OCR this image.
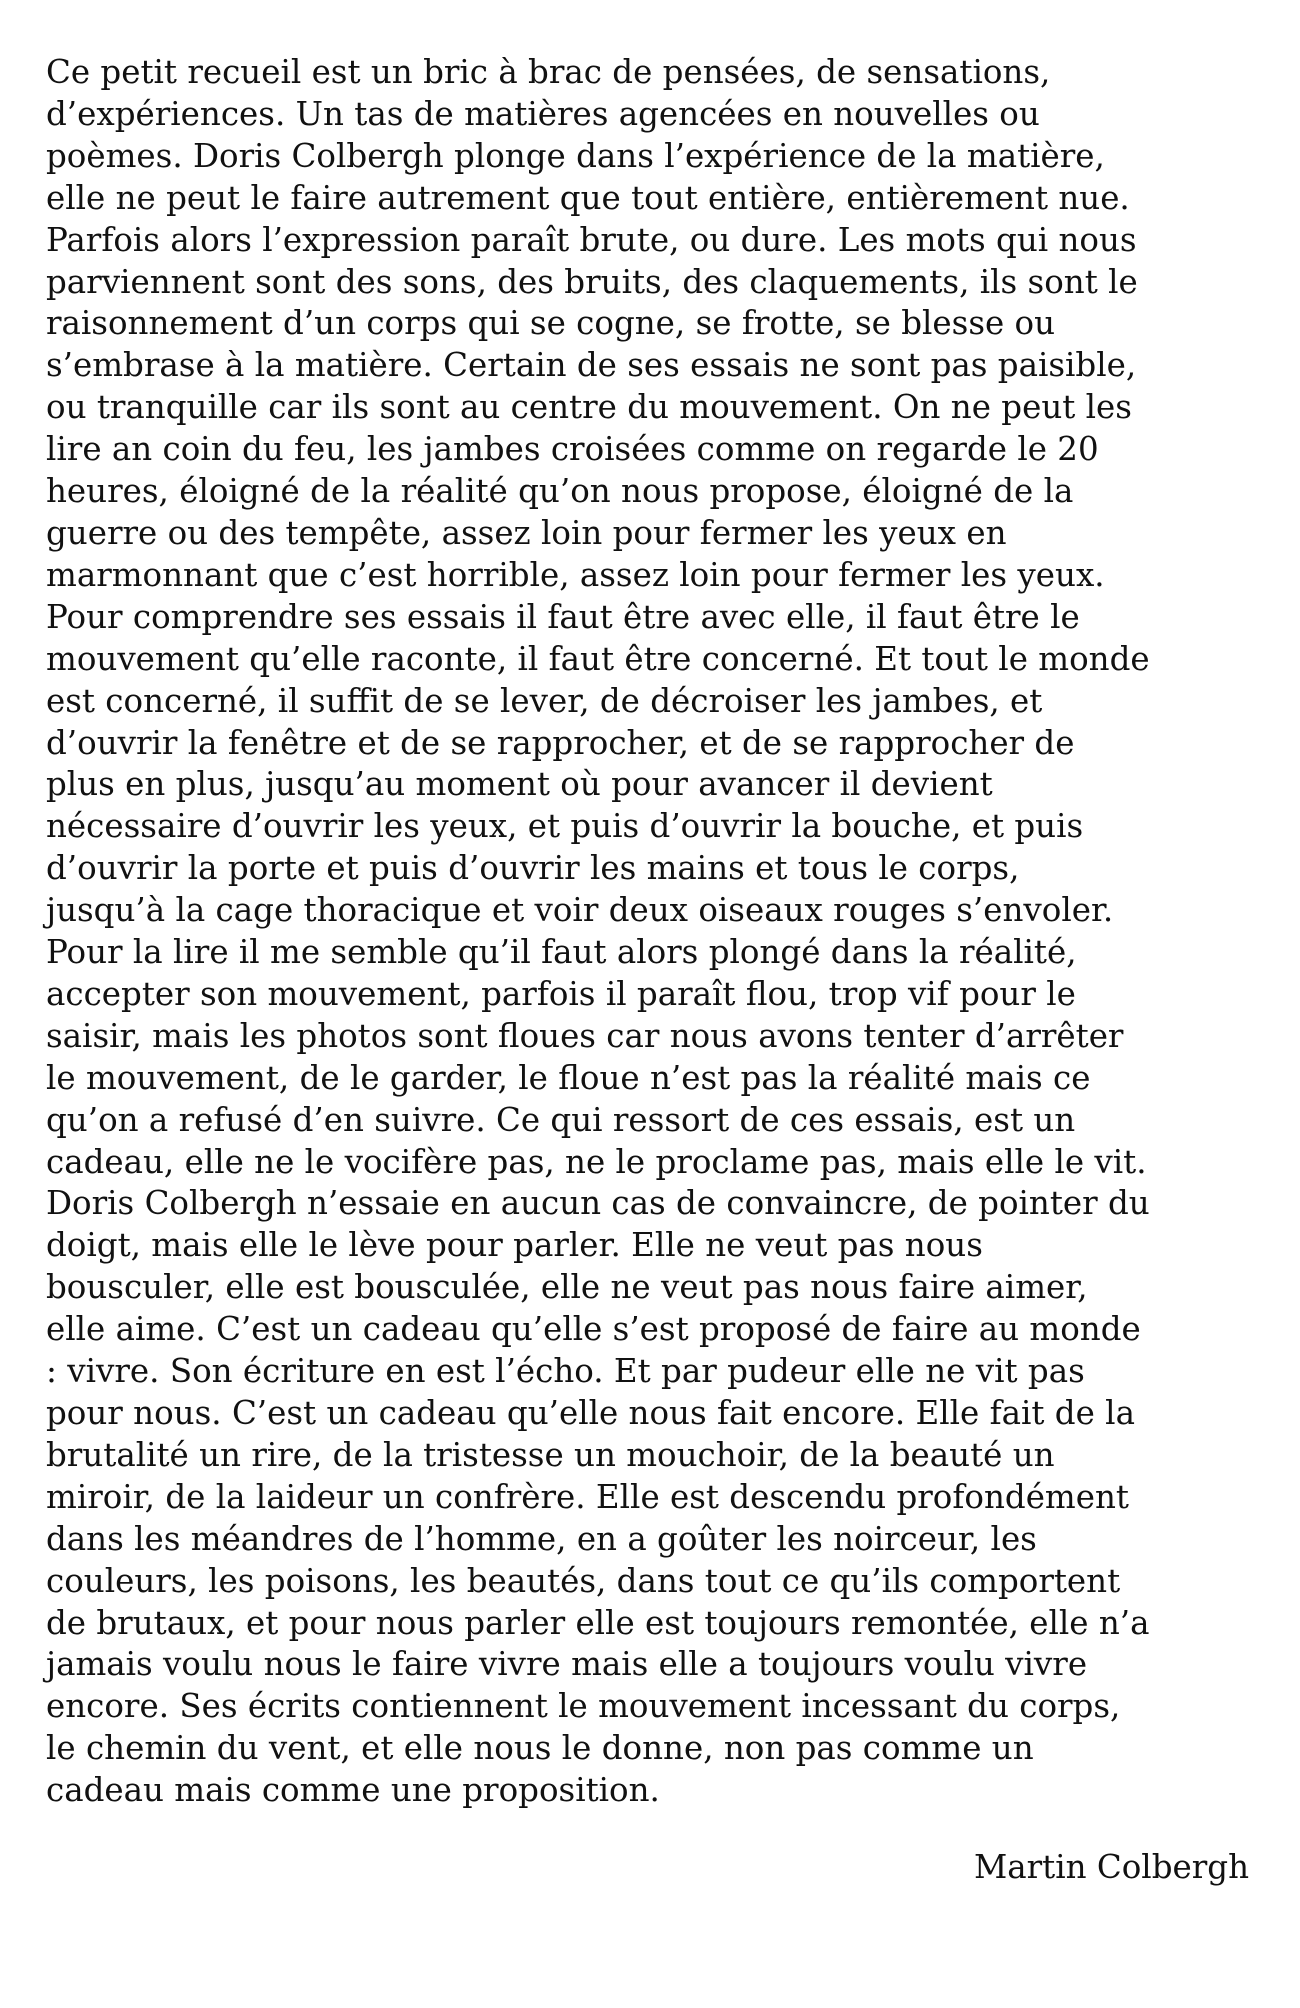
Ce petit recueil est un bric à brac de pensées, de sensations,
d’expériences. Un tas de matières agencées en nouvelles ou
poèmes. Doris Colbergh plonge dans l’expérience de la matière,
elle ne peut le faire autrement que tout entière, entièrement nue.
Parfois alors l’expression paraît brute, ou dure. Les mots qui nous
parviennent sont des sons, des bruits, des claquements, ils sont le
raisonnement d’un corps qui se cogne, se frotte, se blesse ou
s’embrase à la matière. Certain de ses essais ne sont pas paisible,
ou tranquille car ils sont au centre du mouvement. On ne peut les
lire an coin du feu, les jambes croisées comme on regarde le 20
heures, éloigné de la réalité qu’on nous propose, éloigné de la
guerre ou des tempête, assez loin pour fermer les yeux en
marmonnant que c’est horrible, assez loin pour fermer les yeux.
Pour comprendre ses essais il faut être avec elle, il faut être le
mouvement qu’elle raconte, il faut être concerné. Et tout le monde
est concerné, il suffit de se lever, de décroiser les jambes, et
d’ouvrir la fenêtre et de se rapprocher, et de se rapprocher de
plus en plus, jusqu’au moment où pour avancer il devient
nécessaire d’ouvrir les yeux, et puis d’ouvrir la bouche, et puis
d’ouvrir la porte et puis d’ouvrir les mains et tous le corps,
jusqu’à la cage thoracique et voir deux oiseaux rouges s’envoler.
Pour la lire il me semble qu’il faut alors plongé dans la réalité,
accepter son mouvement, parfois il paraît flou, trop vif pour le
saisir, mais les photos sont floues car nous avons tenter d’arrêter
le mouvement, de le garder, le floue n’est pas la réalité mais ce
qu’on a refusé d’en suivre. Ce qui ressort de ces essais, est un
cadeau, elle ne le vocifère pas, ne le proclame pas, mais elle le vit.
Doris Colbergh n’essaie en aucun cas de convaincre, de pointer du
doigt, mais elle le lève pour parler. Elle ne veut pas nous
bousculer, elle est bousculée, elle ne veut pas nous faire aimer,
elle aime. C’est un cadeau qu’elle s’est proposé de faire au monde
: vivre. Son écriture en est l’écho. Et par pudeur elle ne vit pas
pour nous. C’est un cadeau qu’elle nous fait encore. Elle fait de la
brutalité un rire, de la tristesse un mouchoir, de la beauté un
miroir, de la laideur un confrère. Elle est descendu profondément
dans les méandres de l’homme, en a goûter les noirceur, les
couleurs, les poisons, les beautés, dans tout ce qu’ils comportent
de brutaux, et pour nous parler elle est toujours remontée, elle n’a
jamais voulu nous le faire vivre mais elle a toujours voulu vivre
encore. Ses écrits contiennent le mouvement incessant du corps,
le chemin du vent, et elle nous le donne, non pas comme un
cadeau mais comme une proposition.
Martin Colbergh
